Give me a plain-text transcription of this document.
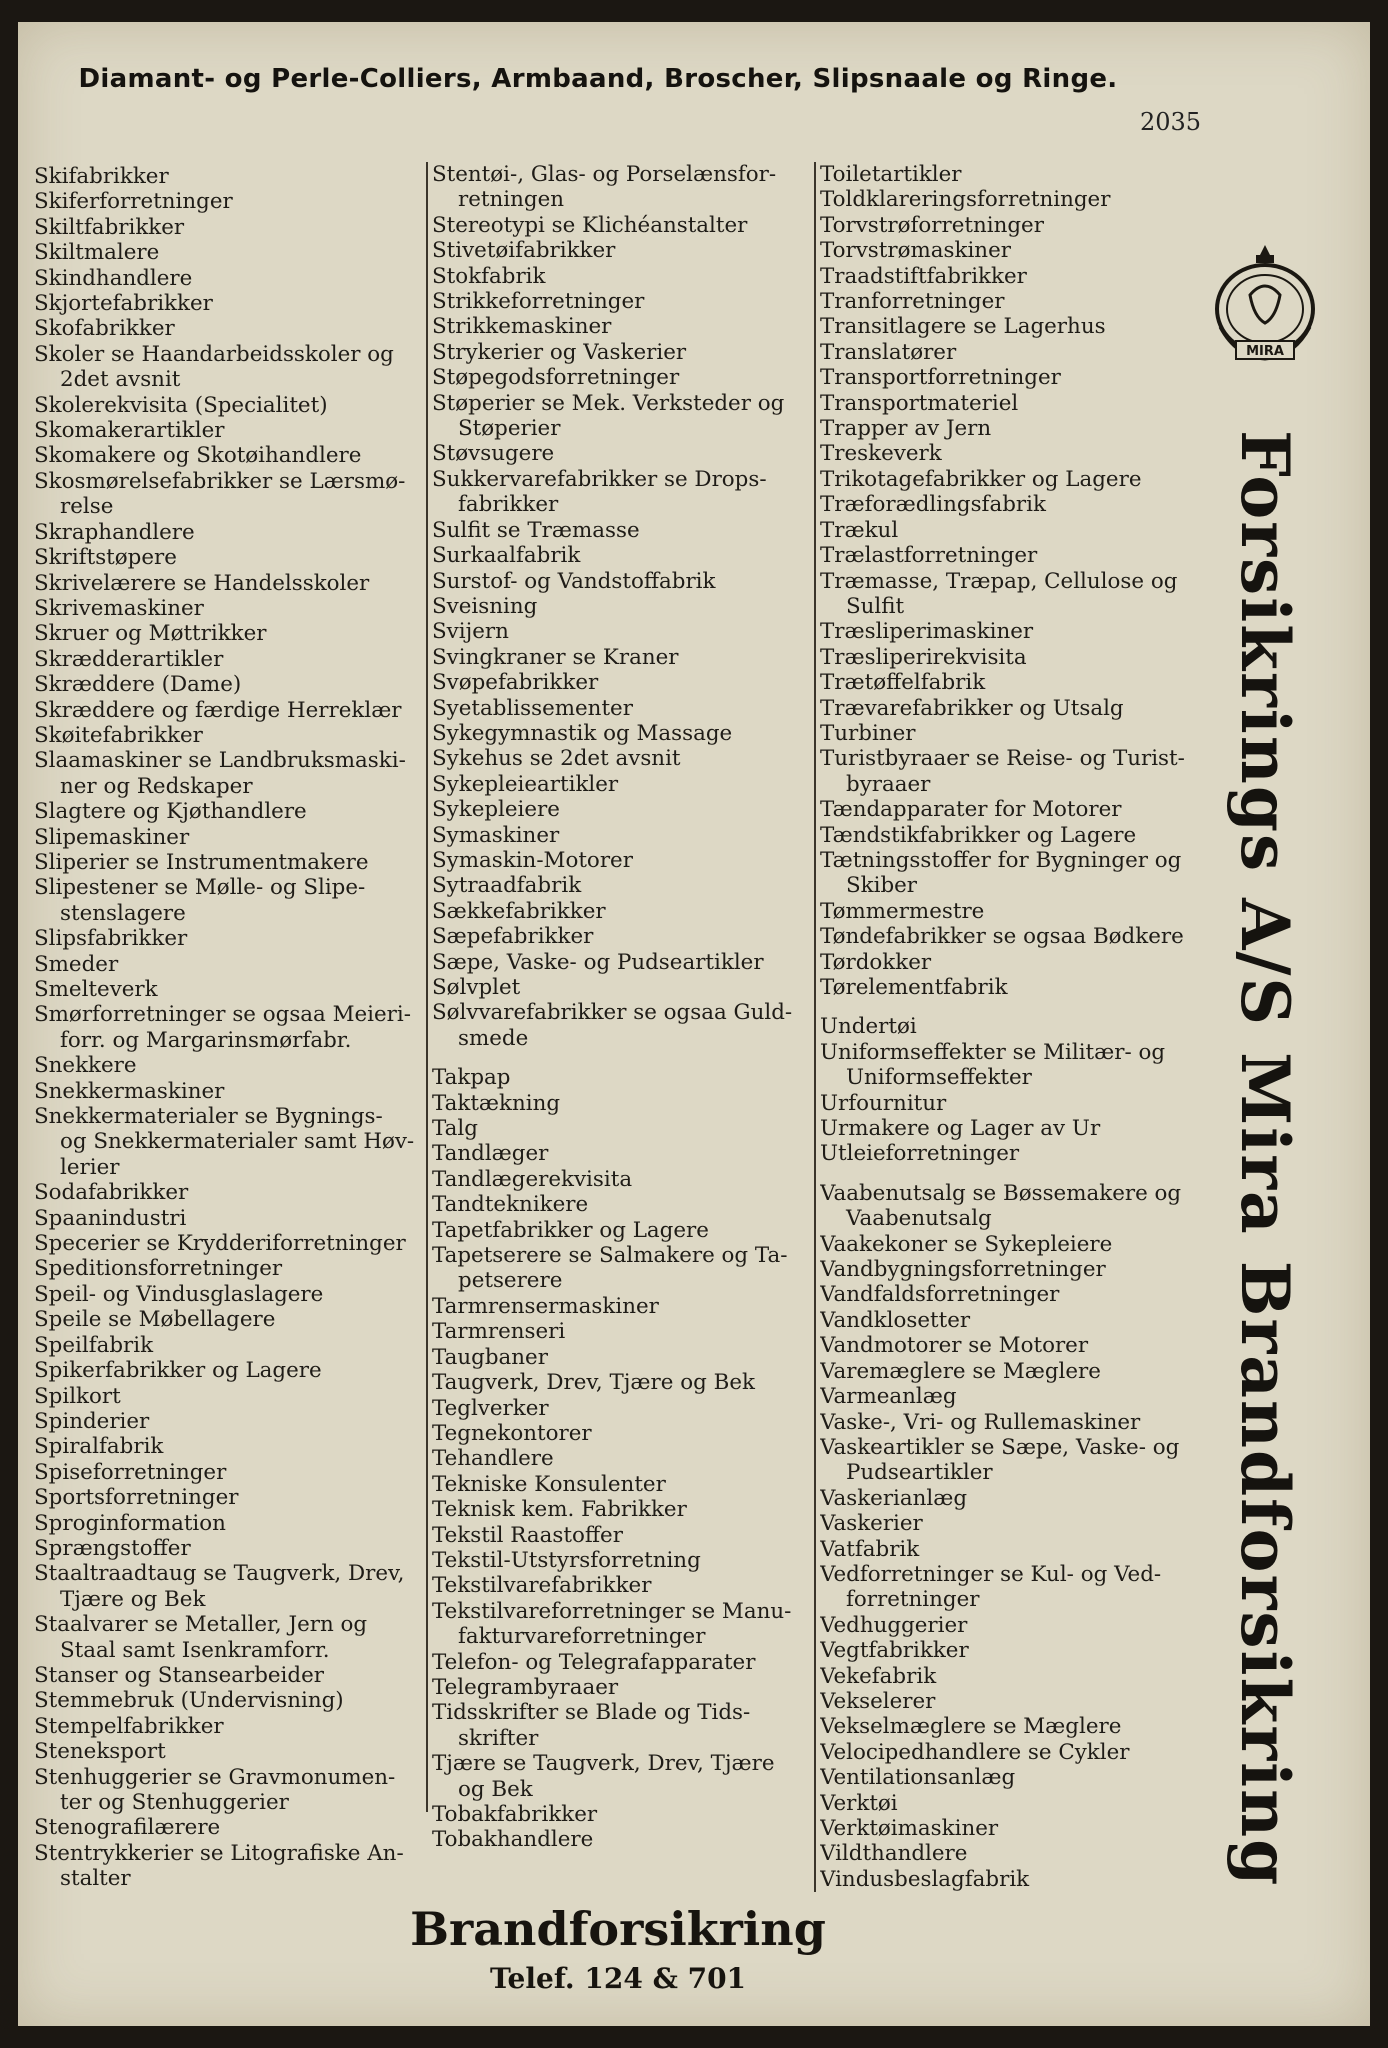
Diamant- og Perle-Colliers, Armbaand, Broscher, Slipsnaale og Ringe.
2035
Skifabrikker
Skiferforretninger
Skiltfabrikker
Skiltmalere
Skindhandlere
Skjortefabrikker
Skofabrikker
Skoler se Haandarbeidsskoler og
2det avsnit
Skolerekvisita (Specialitet)
Skomakerartikler
Skomakere og Skotøihandlere
Skosmørelsefabrikker se Lærsmø-
relse
Skraphandlere
Skriftstøpere
Skrivelærere se Handelsskoler
Skrivemaskiner
Skruer og Møttrikker
Skrædderartikler
Skræddere (Dame)
Skræddere og færdige Herreklær
Skøitefabrikker
Slaamaskiner se Landbruksmaski-
ner og Redskaper
Slagtere og Kjøthandlere
Slipemaskiner
Sliperier se Instrumentmakere
Slipestener se Mølle- og Slipe-
stenslagere
Slipsfabrikker
Smeder
Smelteverk
Smørforretninger se ogsaa Meieri-
forr. og Margarinsmørfabr.
Snekkere
Snekkermaskiner
Snekkermaterialer se Bygnings-
og Snekkermaterialer samt Høv-
lerier
Sodafabrikker
Spaanindustri
Specerier se Krydderiforretninger
Speditionsforretninger
Speil- og Vindusglaslagere
Speile se Møbellagere
Speilfabrik
Spikerfabrikker og Lagere
Spilkort
Spinderier
Spiralfabrik
Spiseforretninger
Sportsforretninger
Sproginformation
Sprængstoffer
Staaltraadtaug se Taugverk, Drev,
Tjære og Bek
Staalvarer se Metaller, Jern og
Staal samt Isenkramforr.
Stanser og Stansearbeider
Stemmebruk (Undervisning)
Stempelfabrikker
Steneksport
Stenhuggerier se Gravmonumen-
ter og Stenhuggerier
Stenografilærere
Stentrykkerier se Litografiske An-
stalter
Stentøi-, Glas- og Porselænsfor-
retningen
Stereotypi se Klichéanstalter
Stivetøifabrikker
Stokfabrik
Strikkeforretninger
Strikkemaskiner
Strykerier og Vaskerier
Støpegodsforretninger
Støperier se Mek. Verksteder og
Støperier
Støvsugere
Sukkervarefabrikker se Drops-
fabrikker
Sulfit se Træmasse
Surkaalfabrik
Surstof- og Vandstoffabrik
Sveisning
Svijern
Svingkraner se Kraner
Svøpefabrikker
Syetablissementer
Sykegymnastik og Massage
Sykehus se 2det avsnit
Sykepleieartikler
Sykepleiere
Symaskiner
Symaskin-Motorer
Sytraadfabrik
Sækkefabrikker
Sæpefabrikker
Sæpe, Vaske- og Pudseartikler
Sølvplet
Sølvvarefabrikker se ogsaa Guld-
smede
Takpap
Taktækning
Talg
Tandlæger
Tandlægerekvisita
Tandteknikere
Tapetfabrikker og Lagere
Tapetserere se Salmakere og Ta-
petserere
Tarmrensermaskiner
Tarmrenseri
Taugbaner
Taugverk, Drev, Tjære og Bek
Teglverker
Tegnekontorer
Tehandlere
Tekniske Konsulenter
Teknisk kem. Fabrikker
Tekstil Raastoffer
Tekstil-Utstyrsforretning
Tekstilvarefabrikker
Tekstilvareforretninger se Manu-
fakturvareforretninger
Telefon- og Telegrafapparater
Telegrambyraaer
Tidsskrifter se Blade og Tids-
skrifter
Tjære se Taugverk, Drev, Tjære
og Bek
Tobakfabrikker
Tobakhandlere
Toiletartikler
Toldklareringsforretninger
Torvstrøforretninger
Torvstrømaskiner
Traadstiftfabrikker
Tranforretninger
Transitlagere se Lagerhus
Translatører
Transportforretninger
Transportmateriel
Trapper av Jern
Treskeverk
Trikotagefabrikker og Lagere
Træforædlingsfabrik
Trækul
Trælastforretninger
Træmasse, Træpap, Cellulose og
Sulfit
Træsliperimaskiner
Træsliperirekvisita
Trætøffelfabrik
Trævarefabrikker og Utsalg
Turbiner
Turistbyraaer se Reise- og Turist-
byraaer
Tændapparater for Motorer
Tændstikfabrikker og Lagere
Tætningsstoffer for Bygninger og
Skiber
Tømmermestre
Tøndefabrikker se ogsaa Bødkere
Tørdokker
Tørelementfabrik
Undertøi
Uniformseffekter se Militær- og
Uniformseffekter
Urfournitur
Urmakere og Lager av Ur
Utleieforretninger
Vaabenutsalg se Bøssemakere og
Vaabenutsalg
Vaakekoner se Sykepleiere
Vandbygningsforretninger
Vandfaldsforretninger
Vandklosetter
Vandmotorer se Motorer
Varemæglere se Mæglere
Varmeanlæg
Vaske-, Vri- og Rullemaskiner
Vaskeartikler se Sæpe, Vaske- og
Pudseartikler
Vaskerianlæg
Vaskerier
Vatfabrik
Vedforretninger se Kul- og Ved-
forretninger
Vedhuggerier
Vegtfabrikker
Vekefabrik
Vekselerer
Vekselmæglere se Mæglere
Velocipedhandlere se Cykler
Ventilationsanlæg
Verktøi
Verktøimaskiner
Vildthandlere
Vindusbeslagfabrik
MIRA
Forsikrings A/S Mira Brandforsikring
Brandforsikring
Telef. 124 & 701
